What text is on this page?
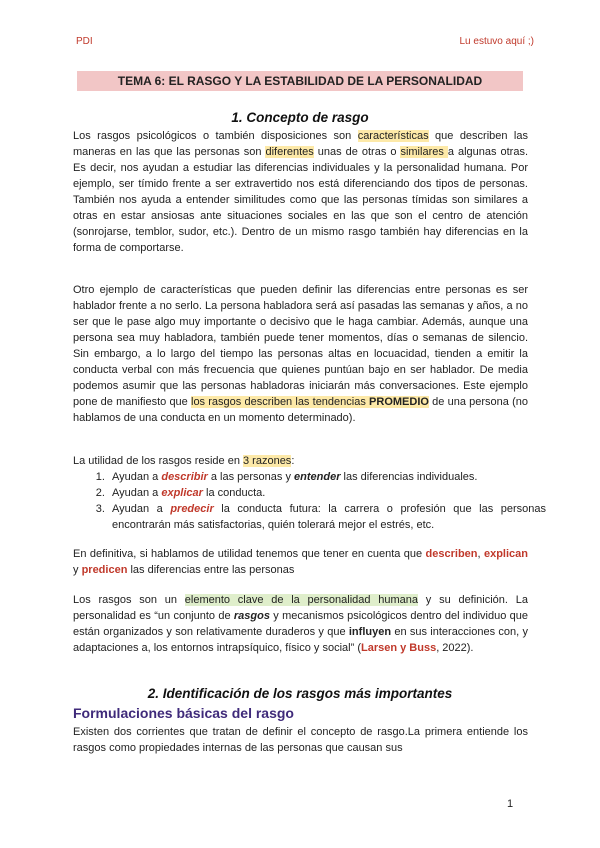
PDI	Lu estuvo aquí ;)
TEMA 6: EL RASGO Y LA ESTABILIDAD DE LA PERSONALIDAD
1. Concepto de rasgo

Los rasgos psicológicos o también disposiciones son características que describen las maneras en las que las personas son diferentes unas de otras o similares a algunas otras. Es decir, nos ayudan a estudiar las diferencias individuales y la personalidad humana. Por ejemplo, ser tímido frente a ser extravertido nos está diferenciando dos tipos de personas. También nos ayuda a entender similitudes como que las personas tímidas son similares a otras en estar ansiosas ante situaciones sociales en las que son el centro de atención (sonrojarse, temblor, sudor, etc.). Dentro de un mismo rasgo también hay diferencias en la forma de comportarse.

Otro ejemplo de características que pueden definir las diferencias entre personas es ser hablador frente a no serlo. La persona habladora será así pasadas las semanas y años, a no ser que le pase algo muy importante o decisivo que le haga cambiar. Además, aunque una persona sea muy habladora, también puede tener momentos, días o semanas de silencio. Sin embargo, a lo largo del tiempo las personas altas en locuacidad, tienden a emitir la conducta verbal con más frecuencia que quienes puntúan bajo en ser hablador. De media podemos asumir que las personas habladoras iniciarán más conversaciones. Este ejemplo pone de manifiesto que los rasgos describen las tendencias PROMEDIO de una persona (no hablamos de una conducta en un momento determinado).

La utilidad de los rasgos reside en 3 razones:

1. Ayudan a describir a las personas y entender las diferencias individuales.
2. Ayudan a explicar la conducta.
3. Ayudan a predecir la conducta futura: la carrera o profesión que las personas encontrarán más satisfactorias, quién tolerará mejor el estrés, etc.

En definitiva, si hablamos de utilidad tenemos que tener en cuenta que describen, explican y predicen las diferencias entre las personas

Los rasgos son un elemento clave de la personalidad humana y su definición. La personalidad es “un conjunto de rasgos y mecanismos psicológicos dentro del individuo que están organizados y son relativamente duraderos y que influyen en sus interacciones con, y adaptaciones a, los entornos intrapsíquico, físico y social” (Larsen y Buss, 2022).

2. Identificación de los rasgos más importantes
Formulaciones básicas del rasgo

Existen dos corrientes que tratan de definir el concepto de rasgo.La primera entiende los rasgos como propiedades internas de las personas que causan sus

1
